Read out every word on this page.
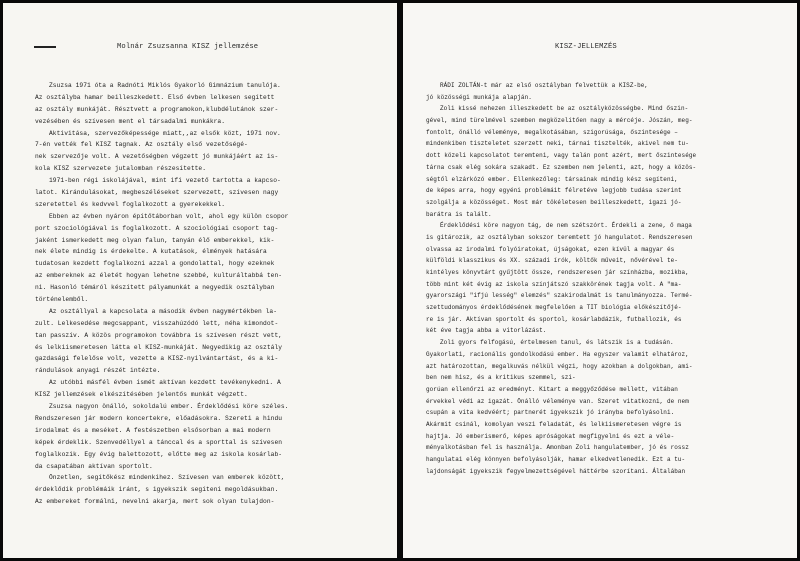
Molnár Zsuzsanna KISZ jellemzése
Zsuzsa 1971 óta a Radnóti Miklós Gyakorló Gimnázium tanulója.
Az osztályba hamar beilleszkedett. Első évben lelkesen segített
az osztály munkáját. Résztvett a programokon,klubdélutánok szer-
vezésében és szívesen ment el társadalmi munkákra.
Aktivitása, szervezőképessége miatt,,az elsők közt, 1971 nov.
7-én vették fel KISZ tagnak. Az osztály első vezetőségé-
nek szervezője volt. A vezetőségben végzett jó munkájáért az is-
kola KISZ szervezete jutalomban részesítette.
1971-ben régi iskolájával, mint ifi vezető tartotta a kapcso-
latot. Kirándulásokat, megbeszéléseket szervezett, szívesen nagy
szeretettel és kedvvel foglalkozott a gyerekekkel.
Ebben az évben nyáron építőtáborban volt, ahol egy külön csopor
port szociológiával is foglalkozott. A szociológiai csoport tag-
jaként ismerkedett meg olyan falun, tanyán élő emberekkel, kik-
nek élete mindig is érdekelte. A kutatások, élmények hatására
tudatosan kezdett foglalkozni azzal a gondolattal, hogy ezeknek
az embereknek az életét hogyan lehetne szebbé, kulturáltabbá ten-
ni. Hasonló témáról készített pályamunkát a negyedik osztályban
történelemből.
Az osztállyal a kapcsolata a második évben nagymértékben la-
zult. Lelkesedése megcsappant, visszahúzódó lett, néha kimondot-
tan passzív. A közös programokon továbbra is szívesen részt vett,
és lelkiismeretesen látta el KISZ-munkáját. Negyedikig az osztály
gazdasági felelőse volt, vezette a KISZ-nyilvántartást, és a ki-
rándulások anyagi részét intézte.
Az utóbbi másfél évben ismét aktívan kezdett tevékenykedni. A
KISZ jellemzések elkészítésében jelentős munkát végzett.
Zsuzsa nagyon önálló, sokoldalú ember. Érdeklődési köre széles.
Rendszeresen jár modern koncertekre, előadásokra. Szereti a hindu
irodalmat és a meséket. A festészetben elsősorban a mai modern
képek érdeklik. Szenvedéllyel a tánccal és a sporttal is szívesen
foglalkozik. Egy évig balettozott, előtte meg az iskola kosárlab-
da csapatában aktívan sportolt.
Önzetlen, segítőkész mindenkihez. Szívesen van emberek között,
érdeklődik problémáik iránt, s igyekszik segíteni megoldásukban.
Az embereket formálni, nevelni akarja, mert sok olyan tulajdon-
KISZ-JELLEMZÉS
RÁDI ZOLTÁN-t már az első osztályban felvettük a KISZ-be,
jó közösségi munkája alapján.
Zoli kissé nehezen illeszkedett be az osztályközösségbe. Mind őszin-
gével, mind türelmével szemben megközelítően nagy a mércéje. Jószán, meg-
fontolt, önálló véleménye, megalkotásában, szigorúsága, őszintesége –
mindenkiben tiszteletet szerzett neki, tárnai tisztelték, akivel nem tu-
dott közeli kapcsolatot teremteni, vagy talán pont azért, mert őszintesége
tárna csak elég sokára szakadt. Ez szemben nem jelenti, azt, hogy a közös-
ségtől elzárkózó ember. Ellenkezőleg: társainak mindig kész segíteni,
de képes arra, hogy egyéni problémáit félretéve legjobb tudása szerint
szolgálja a közösséget. Most már tökéletesen beilleszkedett, igazi jó-
barátra is talált.
Érdeklődési köre nagyon tág, de nem szétszórt. Érdekli a zene, ő maga
is gitározik, az osztályban sokszor teremtett jó hangulatot. Rendszeresen
olvassa az irodalmi folyóiratokat, újságokat, ezen kívül a magyar és
külföldi klasszikus és XX. századi írók, költők műveit, nővérével te-
kintélyes könyvtárt gyűjtött össze, rendszeresen jár színházba, mozikba,
több mint két évig az iskola színjátszó szakkörének tagja volt. A "ma-
gyarországi "ifjú lesség" elemzés" szakirodalmát is tanulmányozza. Termé-
szettudományos érdeklődésének megfelelően a TIT biológia előkészítőjé-
re is jár. Aktívan sportolt és sportol, kosárlabdázik, futballozik, és
két éve tagja abba a vitorlázást.
Zoli gyors felfogású, értelmesen tanul, és látszik is a tudásán.
Gyakorlati, racionális gondolkodású ember. Ha egyszer valamit elhatároz,
azt határozottan, megalkuvás nélkül végzi, hogy azokban a dolgokban, ami-
ben nem hisz, és a kritikus szemmel, szi-
gorúan ellenőrzi az eredményt. Kitart a meggyőződése mellett, vitában
érvekkel védi az igazát. Önálló véleménye van. Szeret vitatkozni, de nem
csupán a vita kedvéért; partnerét igyekszik jó irányba befolyásolni.
Akármit csinál, komolyan veszi feladatát, és lelkiismeretesen végre is
hajtja. Jó emberismerő, képes apróságokat megfigyelni és ezt a véle-
ményalkotásban fel is használja. Amonban Zoli hangulatember, jó és rossz
hangulatai elég könnyen befolyásolják, hamar elkedvetlenedik. Ezt a tu-
lajdonságát igyekszik fegyelmezettségével háttérbe szorítani. Általában
